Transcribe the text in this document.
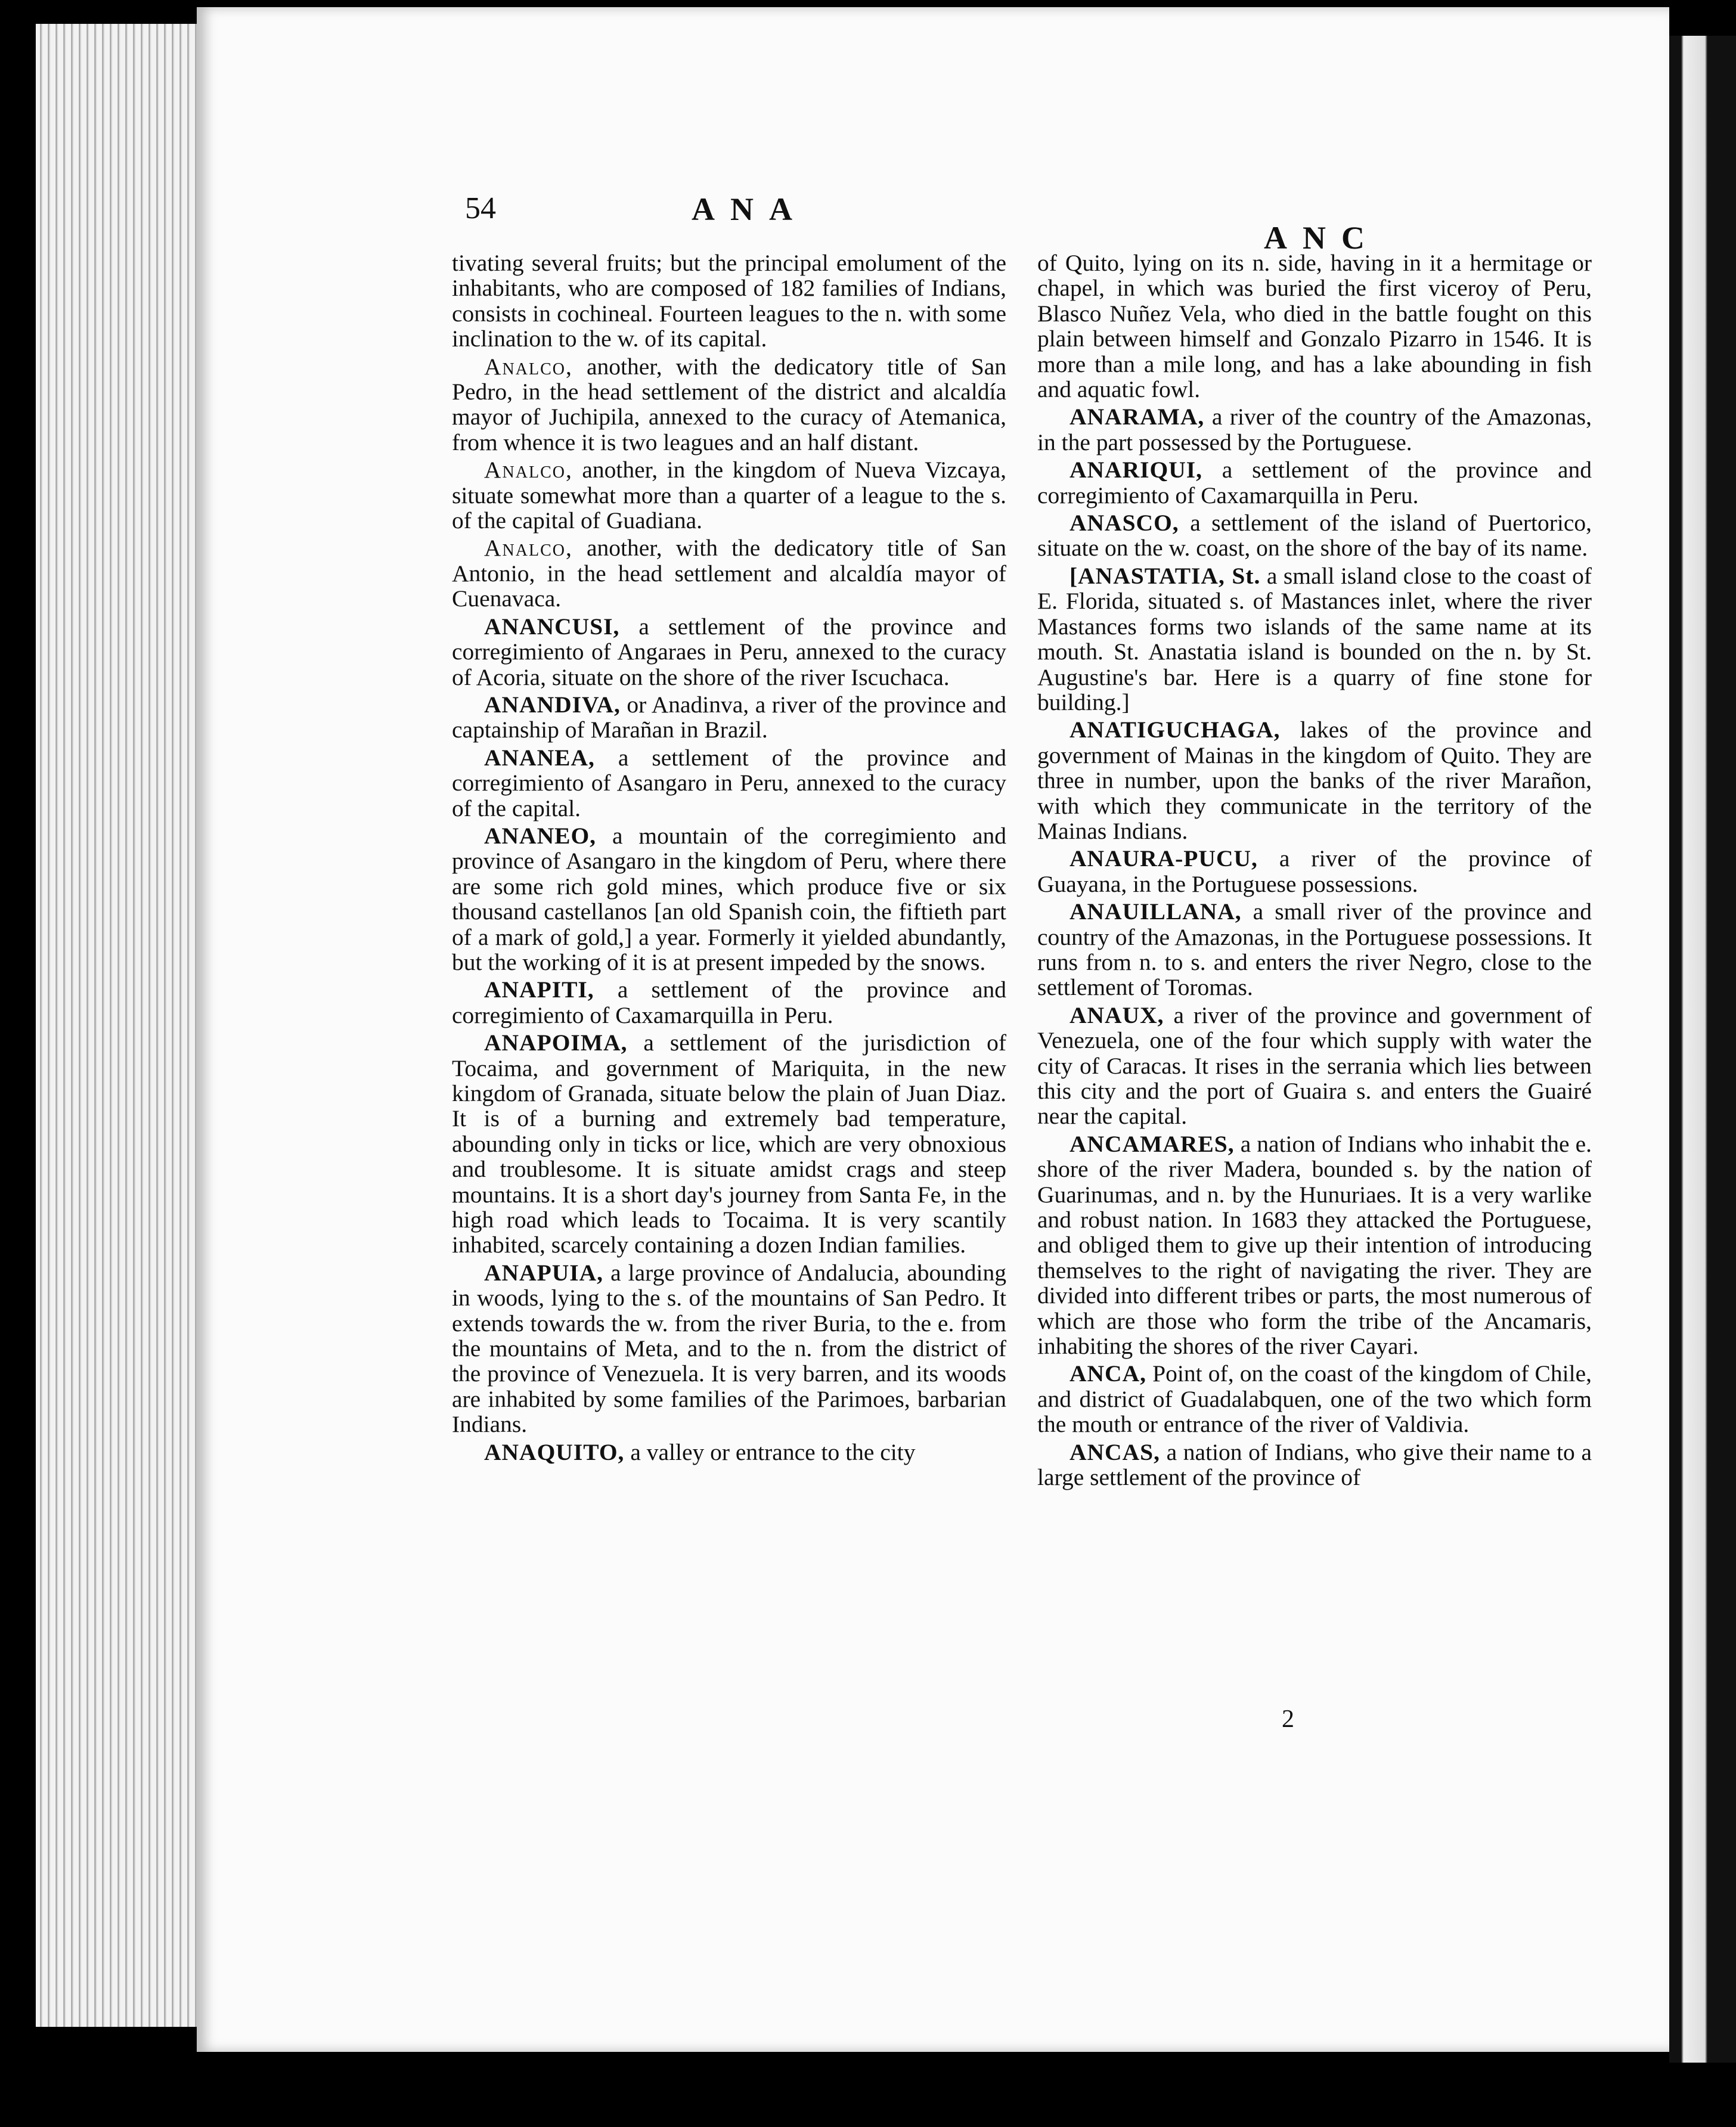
54	ANA
ANC

tivating several fruits; but the principal emolument of the inhabitants, who are composed of 182 families of Indians, consists in cochineal. Fourteen leagues to the n. with some inclination to the w. of its capital.

Analco, another, with the dedicatory title of San Pedro, in the head settlement of the district and alcaldía mayor of Juchipila, annexed to the curacy of Atemanica, from whence it is two leagues and an half distant.

Analco, another, in the kingdom of Nueva Vizcaya, situate somewhat more than a quarter of a league to the s. of the capital of Guadiana.

Analco, another, with the dedicatory title of San Antonio, in the head settlement and alcaldía mayor of Cuenavaca.

ANANCUSI, a settlement of the province and corregimiento of Angaraes in Peru, annexed to the curacy of Acoria, situate on the shore of the river Iscuchaca.

ANANDIVA, or Anadinva, a river of the province and captainship of Marañan in Brazil.

ANANEA, a settlement of the province and corregimiento of Asangaro in Peru, annexed to the curacy of the capital.

ANANEO, a mountain of the corregimiento and province of Asangaro in the kingdom of Peru, where there are some rich gold mines, which produce five or six thousand castellanos [an old Spanish coin, the fiftieth part of a mark of gold,] a year. Formerly it yielded abundantly, but the working of it is at present impeded by the snows.

ANAPITI, a settlement of the province and corregimiento of Caxamarquilla in Peru.

ANAPOIMA, a settlement of the jurisdiction of Tocaima, and government of Mariquita, in the new kingdom of Granada, situate below the plain of Juan Diaz. It is of a burning and extremely bad temperature, abounding only in ticks or lice, which are very obnoxious and troublesome. It is situate amidst crags and steep mountains. It is a short day's journey from Santa Fe, in the high road which leads to Tocaima. It is very scantily inhabited, scarcely containing a dozen Indian families.

ANAPUIA, a large province of Andalucia, abounding in woods, lying to the s. of the mountains of San Pedro. It extends towards the w. from the river Buria, to the e. from the mountains of Meta, and to the n. from the district of the province of Venezuela. It is very barren, and its woods are inhabited by some families of the Parimoes, barbarian Indians.

ANAQUITO, a valley or entrance to the city

of Quito, lying on its n. side, having in it a hermitage or chapel, in which was buried the first viceroy of Peru, Blasco Nuñez Vela, who died in the battle fought on this plain between himself and Gonzalo Pizarro in 1546. It is more than a mile long, and has a lake abounding in fish and aquatic fowl.

ANARAMA, a river of the country of the Amazonas, in the part possessed by the Portuguese.

ANARIQUI, a settlement of the province and corregimiento of Caxamarquilla in Peru.

ANASCO, a settlement of the island of Puertorico, situate on the w. coast, on the shore of the bay of its name.

[ANASTATIA, St. a small island close to the coast of E. Florida, situated s. of Mastances inlet, where the river Mastances forms two islands of the same name at its mouth. St. Anastatia island is bounded on the n. by St. Augustine's bar. Here is a quarry of fine stone for building.]

ANATIGUCHAGA, lakes of the province and government of Mainas in the kingdom of Quito. They are three in number, upon the banks of the river Marañon, with which they communicate in the territory of the Mainas Indians.

ANAURA-PUCU, a river of the province of Guayana, in the Portuguese possessions.

ANAUILLANA, a small river of the province and country of the Amazonas, in the Portuguese possessions. It runs from n. to s. and enters the river Negro, close to the settlement of Toromas.

ANAUX, a river of the province and government of Venezuela, one of the four which supply with water the city of Caracas. It rises in the serrania which lies between this city and the port of Guaira s. and enters the Guairé near the capital.

ANCAMARES, a nation of Indians who inhabit the e. shore of the river Madera, bounded s. by the nation of Guarinumas, and n. by the Hunuriaes. It is a very warlike and robust nation. In 1683 they attacked the Portuguese, and obliged them to give up their intention of introducing themselves to the right of navigating the river. They are divided into different tribes or parts, the most numerous of which are those who form the tribe of the Ancamaris, inhabiting the shores of the river Cayari.

ANCA, Point of, on the coast of the kingdom of Chile, and district of Guadalabquen, one of the two which form the mouth or entrance of the river of Valdivia.

ANCAS, a nation of Indians, who give their name to a large settlement of the province of

2
